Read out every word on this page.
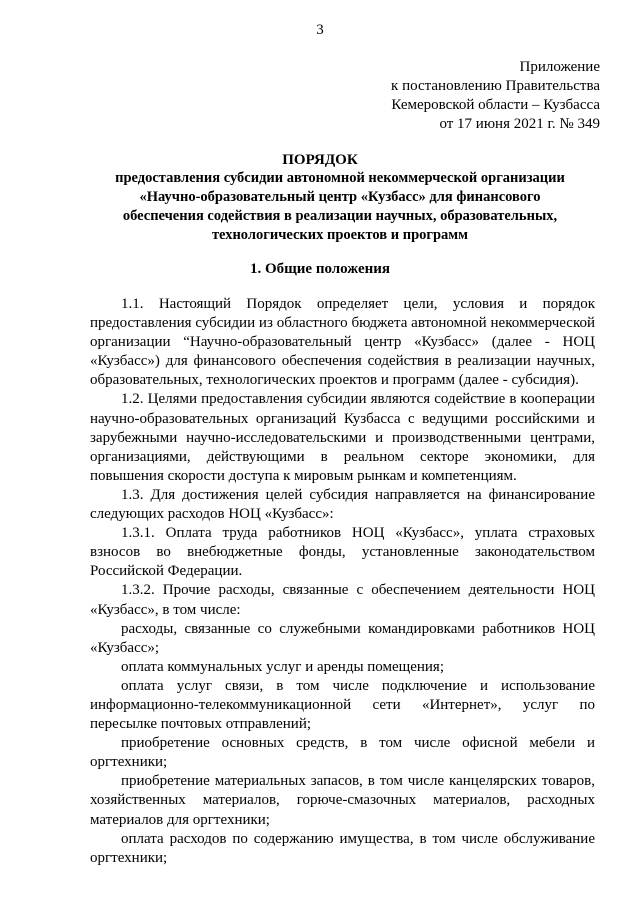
3
Приложение
к постановлению Правительства
Кемеровской области – Кузбасса
от 17 июня 2021 г. № 349
ПОРЯДОК
предоставления субсидии автономной некоммерческой организации
«Научно-образовательный центр «Кузбасс» для финансового
обеспечения содействия в реализации научных, образовательных,
технологических проектов и программ
1. Общие положения

1.1. Настоящий Порядок определяет цели, условия и порядок предоставления субсидии из областного бюджета автономной некоммерческой организации “Научно-образовательный центр «Кузбасс» (далее - НОЦ «Кузбасс») для финансового обеспечения содействия в реализации научных, образовательных, технологических проектов и программ (далее - субсидия).

1.2. Целями предоставления субсидии являются содействие в кооперации научно-образовательных организаций Кузбасса с ведущими российскими и зарубежными научно-исследовательскими и производственными центрами, организациями, действующими в реальном секторе экономики, для повышения скорости доступа к мировым рынкам и компетенциям.

1.3. Для достижения целей субсидия направляется на финансирование следующих расходов НОЦ «Кузбасс»:

1.3.1. Оплата труда работников НОЦ «Кузбасс», уплата страховых взносов во внебюджетные фонды, установленные законодательством Российской Федерации.

1.3.2. Прочие расходы, связанные с обеспечением деятельности НОЦ «Кузбасс», в том числе:

расходы, связанные со служебными командировками работников НОЦ «Кузбасс»;

оплата коммунальных услуг и аренды помещения;

оплата услуг связи, в том числе подключение и использование информационно-телекоммуникационной сети «Интернет», услуг по пересылке почтовых отправлений;

приобретение основных средств, в том числе офисной мебели и оргтехники;

приобретение материальных запасов, в том числе канцелярских товаров, хозяйственных материалов, горюче-смазочных материалов, расходных материалов для оргтехники;

оплата расходов по содержанию имущества, в том числе обслуживание оргтехники;
